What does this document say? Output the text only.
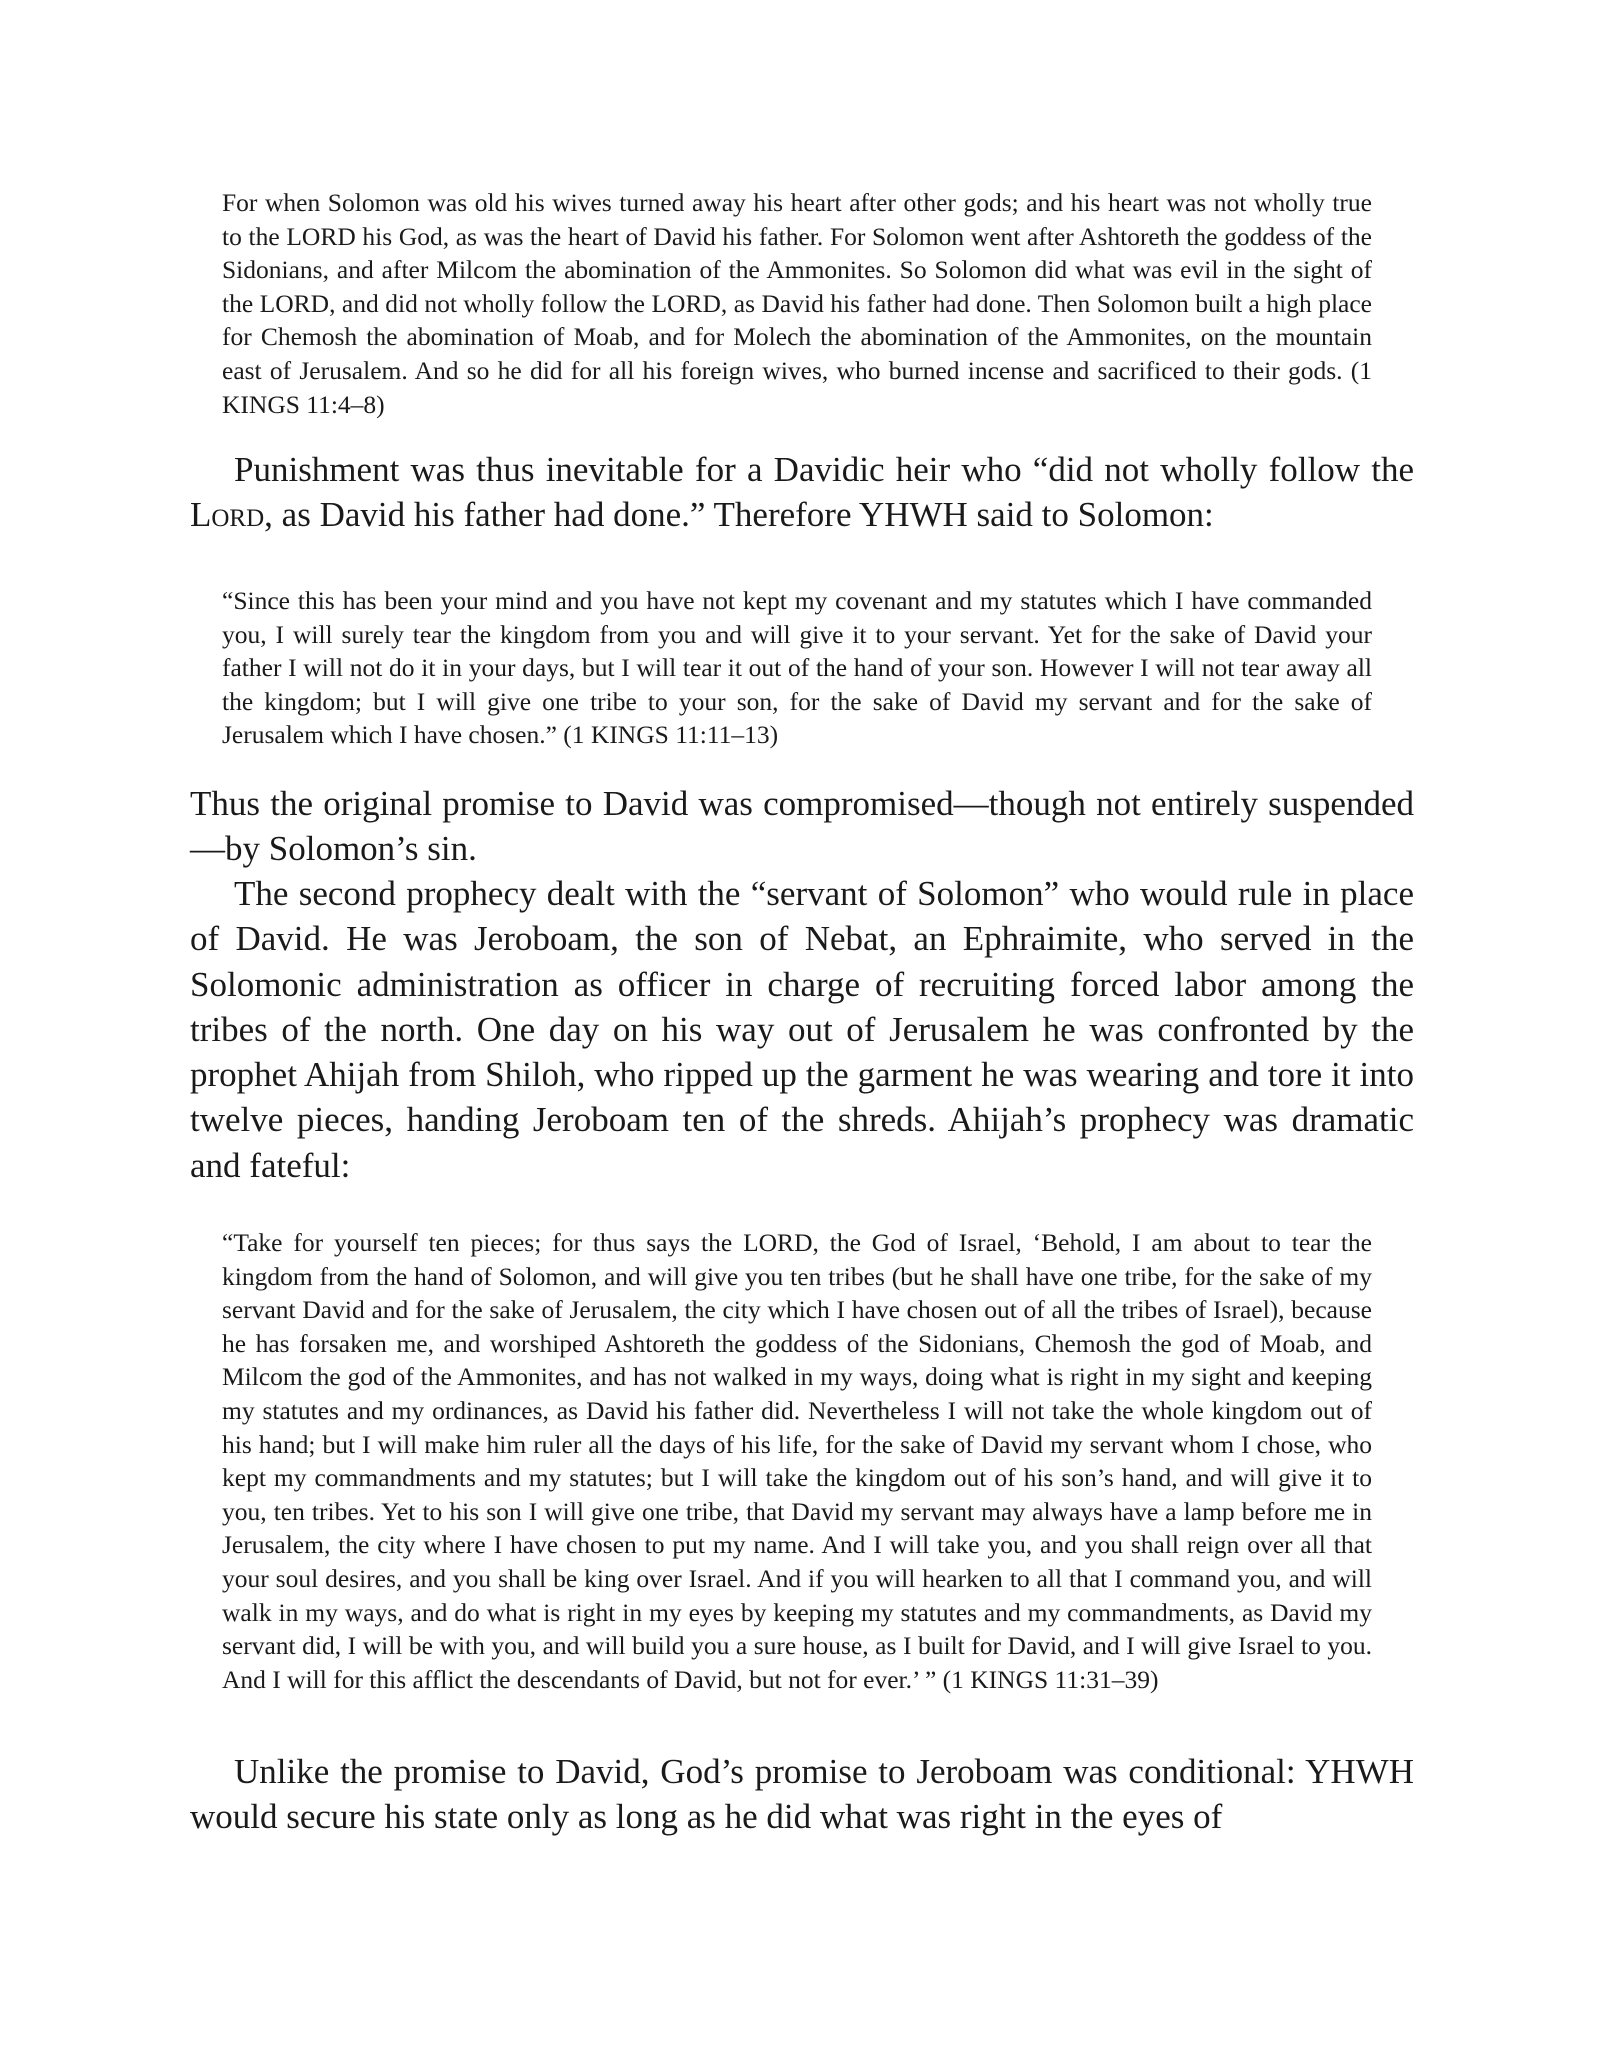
For when Solomon was old his wives turned away his heart after other gods; and his heart was not wholly true to the LORD his God, as was the heart of David his father. For Solomon went after Ashtoreth the goddess of the Sidonians, and after Milcom the abomination of the Ammonites. So Solomon did what was evil in the sight of the LORD, and did not wholly follow the LORD, as David his father had done. Then Solomon built a high place for Chemosh the abomination of Moab, and for Molech the abomination of the Ammonites, on the mountain east of Jerusalem. And so he did for all his foreign wives, who burned incense and sacrificed to their gods. (1 KINGS 11:4–8)

Punishment was thus inevitable for a Davidic heir who “did not wholly follow the Lord, as David his father had done.” Therefore YHWH said to Solomon:

“Since this has been your mind and you have not kept my covenant and my statutes which I have commanded you, I will surely tear the kingdom from you and will give it to your servant. Yet for the sake of David your father I will not do it in your days, but I will tear it out of the hand of your son. However I will not tear away all the kingdom; but I will give one tribe to your son, for the sake of David my servant and for the sake of Jerusalem which I have chosen.” (1 KINGS 11:11–13)

Thus the original promise to David was compromised—though not entirely suspended—by Solomon’s sin.

The second prophecy dealt with the “servant of Solomon” who would rule in place of David. He was Jeroboam, the son of Nebat, an Ephraimite, who served in the Solomonic administration as officer in charge of recruiting forced labor among the tribes of the north. One day on his way out of Jerusalem he was confronted by the prophet Ahijah from Shiloh, who ripped up the garment he was wearing and tore it into twelve pieces, handing Jeroboam ten of the shreds. Ahijah’s prophecy was dramatic and fateful:

“Take for yourself ten pieces; for thus says the LORD, the God of Israel, ‘Behold, I am about to tear the kingdom from the hand of Solomon, and will give you ten tribes (but he shall have one tribe, for the sake of my servant David and for the sake of Jerusalem, the city which I have chosen out of all the tribes of Israel), because he has forsaken me, and worshiped Ashtoreth the goddess of the Sidonians, Chemosh the god of Moab, and Milcom the god of the Ammonites, and has not walked in my ways, doing what is right in my sight and keeping my statutes and my ordinances, as David his father did. Nevertheless I will not take the whole kingdom out of his hand; but I will make him ruler all the days of his life, for the sake of David my servant whom I chose, who kept my commandments and my statutes; but I will take the kingdom out of his son’s hand, and will give it to you, ten tribes. Yet to his son I will give one tribe, that David my servant may always have a lamp before me in Jerusalem, the city where I have chosen to put my name. And I will take you, and you shall reign over all that your soul desires, and you shall be king over Israel. And if you will hearken to all that I command you, and will walk in my ways, and do what is right in my eyes by keeping my statutes and my commandments, as David my servant did, I will be with you, and will build you a sure house, as I built for David, and I will give Israel to you. And I will for this afflict the descendants of David, but not for ever.’ ” (1 KINGS 11:31–39)

Unlike the promise to David, God’s promise to Jeroboam was conditional: YHWH would secure his state only as long as he did what was right in the eyes of
